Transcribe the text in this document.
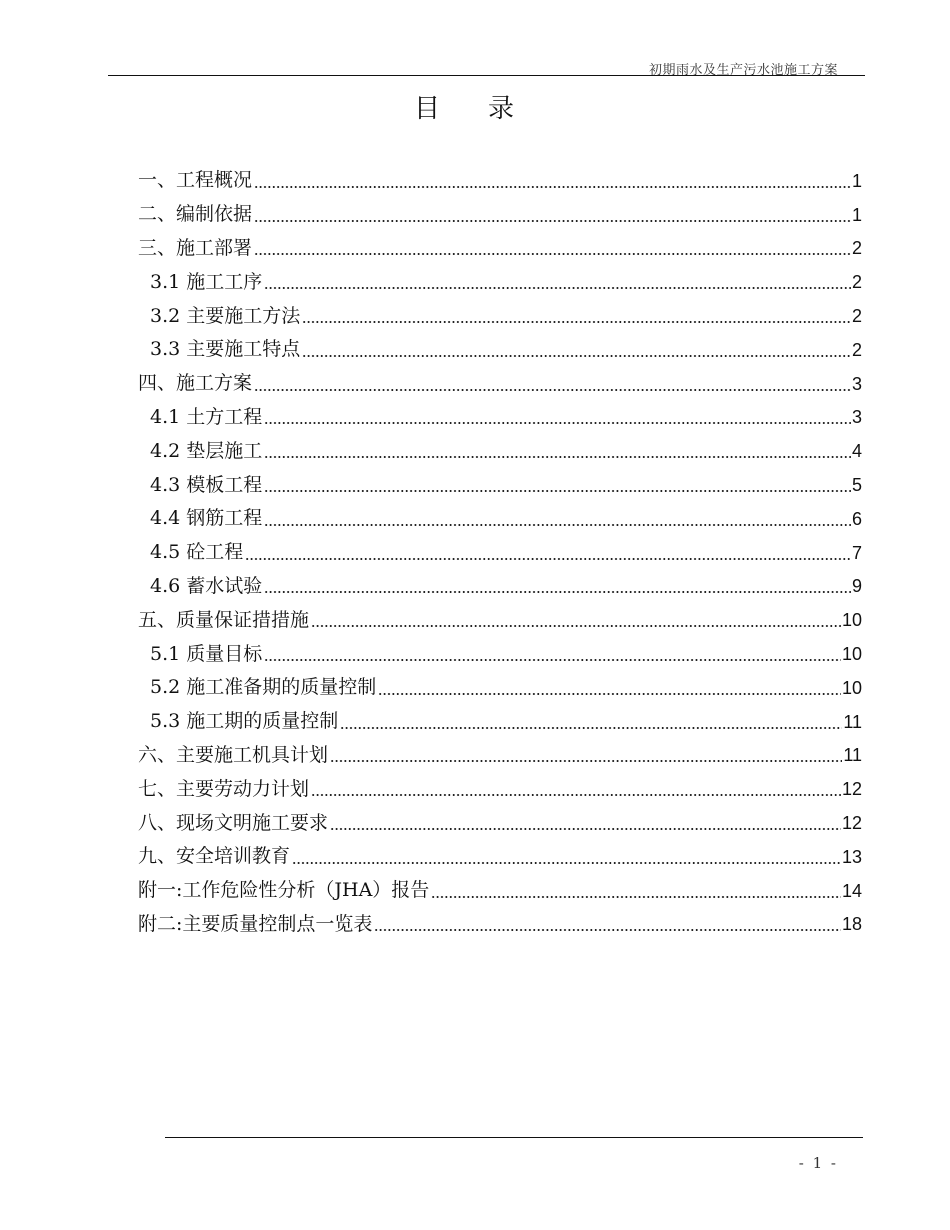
初期雨水及生产污水池施工方案
目录
一、工程概况	1
二、编制依据	1
三、施工部署	2
3.1 施工工序	2
3.2 主要施工方法	2
3.3 主要施工特点	2
四、施工方案	3
4.1 土方工程	3
4.2 垫层施工	4
4.3 模板工程	5
4.4 钢筋工程	6
4.5 砼工程	7
4.6 蓄水试验	9
五、质量保证措措施	10
5.1 质量目标	10
5.2 施工准备期的质量控制	10
5.3 施工期的质量控制	11
六、主要施工机具计划	11
七、主要劳动力计划	12
八、现场文明施工要求	12
九、安全培训教育	13
附一:工作危险性分析（JHA）报告	14
附二:主要质量控制点一览表	18
- 1 -
